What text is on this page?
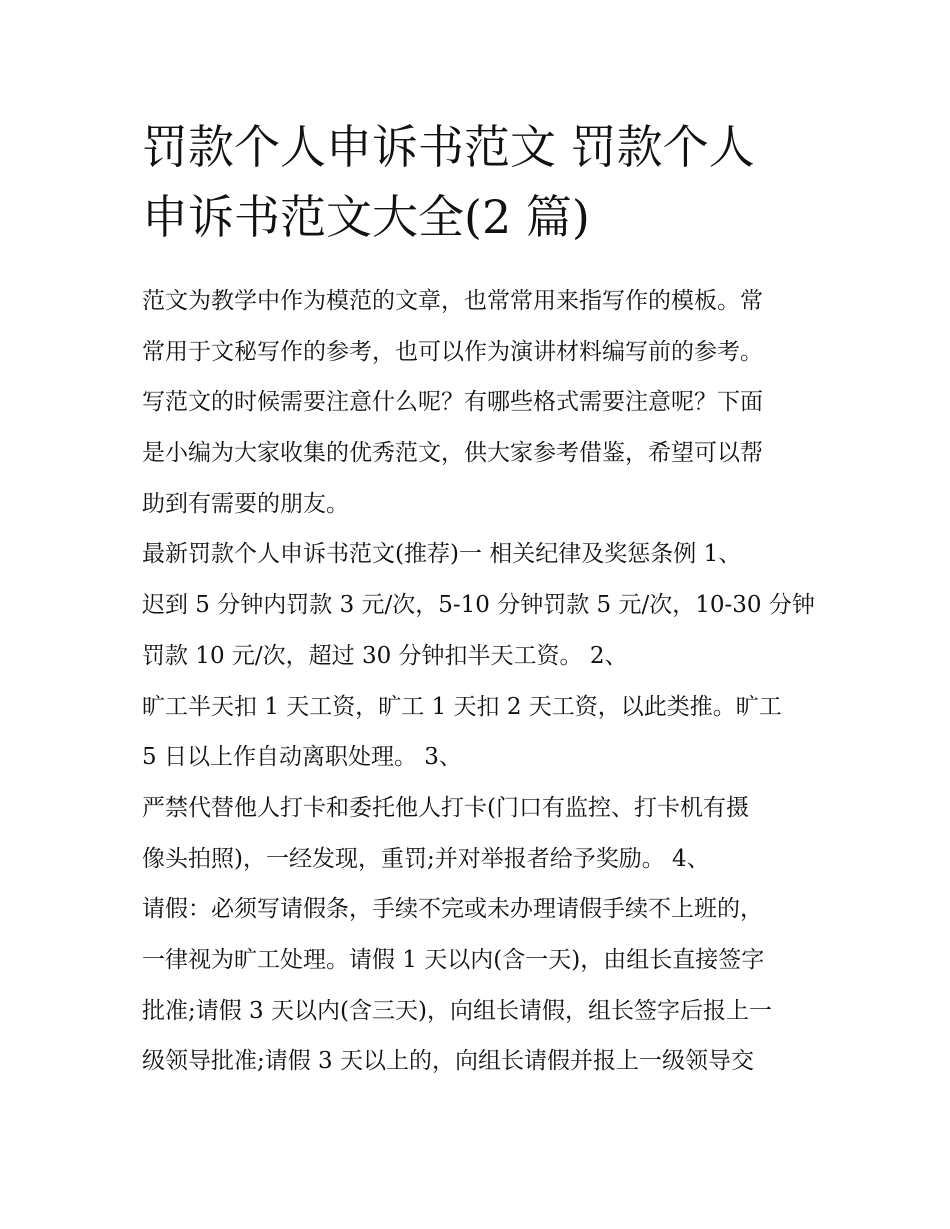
罚款个人申诉书范文 罚款个人
申诉书范文大全(2 篇)
范文为教学中作为模范的文章，也常常用来指写作的模板。常
常用于文秘写作的参考，也可以作为演讲材料编写前的参考。
写范文的时候需要注意什么呢？有哪些格式需要注意呢？下面
是小编为大家收集的优秀范文，供大家参考借鉴，希望可以帮
助到有需要的朋友。
最新罚款个人申诉书范文(推荐)一 相关纪律及奖惩条例 1、
迟到 5 分钟内罚款 3 元/次，5-10 分钟罚款 5 元/次，10-30 分钟
罚款 10 元/次，超过 30 分钟扣半天工资。 2、
旷工半天扣 1 天工资，旷工 1 天扣 2 天工资，以此类推。旷工
5 日以上作自动离职处理。 3、
严禁代替他人打卡和委托他人打卡(门口有监控、打卡机有摄
像头拍照)，一经发现，重罚;并对举报者给予奖励。 4、
请假：必须写请假条，手续不完或未办理请假手续不上班的，
一律视为旷工处理。请假 1 天以内(含一天)，由组长直接签字
批准;请假 3 天以内(含三天)，向组长请假，组长签字后报上一
级领导批准;请假 3 天以上的，向组长请假并报上一级领导交
